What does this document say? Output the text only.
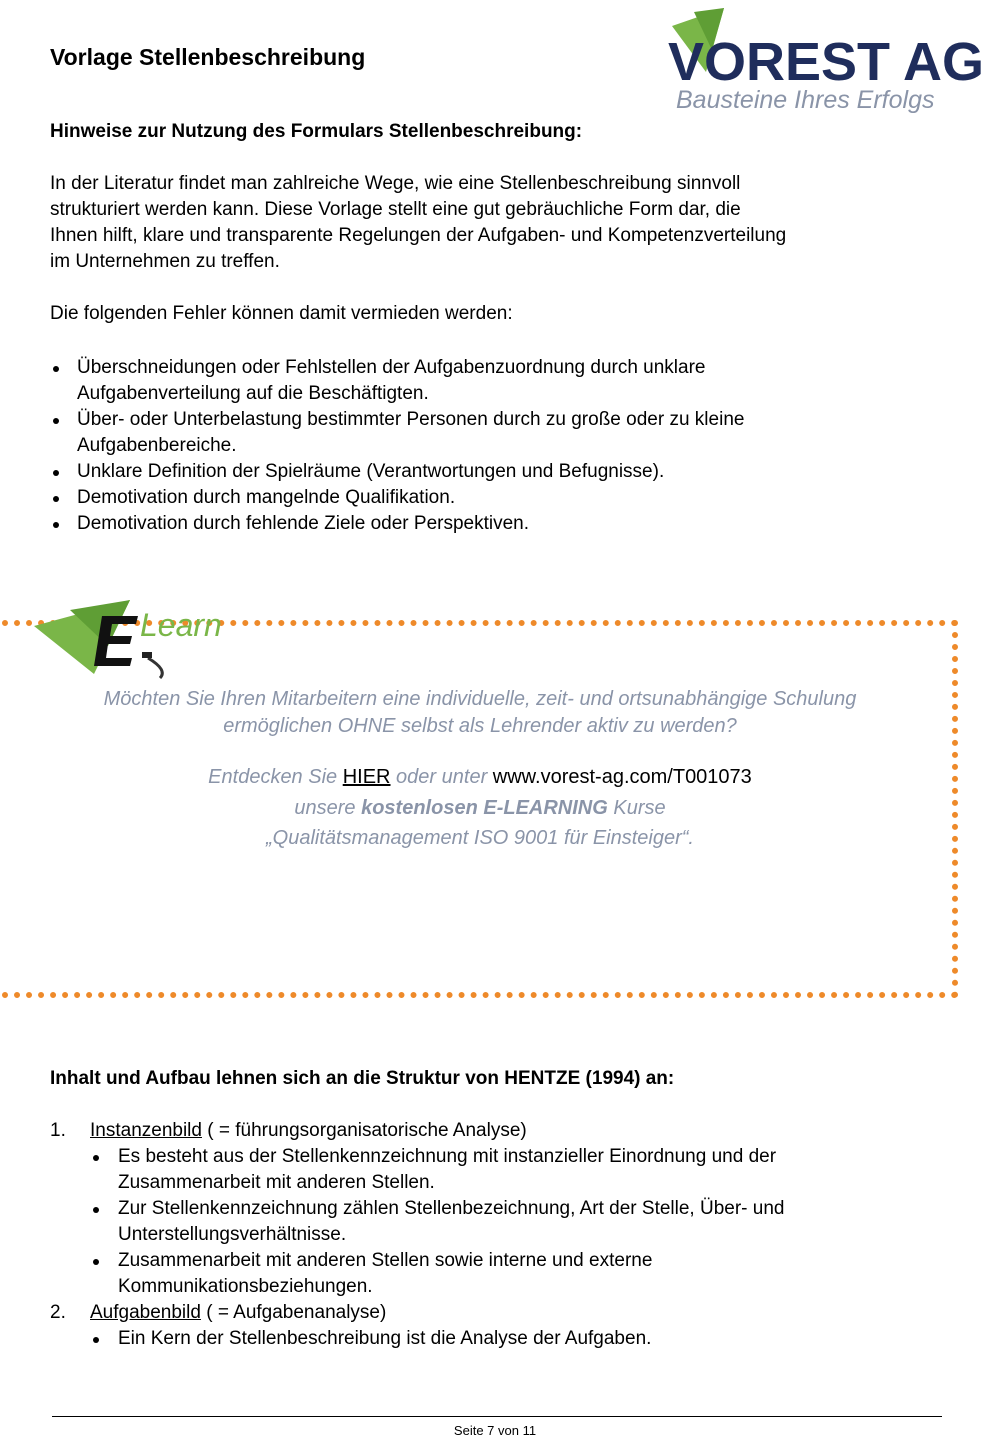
Vorlage Stellenbeschreibung	VOREST AG
Bausteine Ihres Erfolgs
Hinweise zur Nutzung des Formulars Stellenbeschreibung:
In der Literatur findet man zahlreiche Wege, wie eine Stellenbeschreibung sinnvoll
strukturiert werden kann. Diese Vorlage stellt eine gut gebräuchliche Form dar, die
Ihnen hilft, klare und transparente Regelungen der Aufgaben- und Kompetenzverteilung
im Unternehmen zu treffen.
Die folgenden Fehler können damit vermieden werden:
Überschneidungen oder Fehlstellen der Aufgabenzuordnung durch unklare
Aufgabenverteilung auf die Beschäftigten.
Über- oder Unterbelastung bestimmter Personen durch zu große oder zu kleine
Aufgabenbereiche.
Unklare Definition der Spielräume (Verantwortungen und Befugnisse).
Demotivation durch mangelnde Qualifikation.
Demotivation durch fehlende Ziele oder Perspektiven.
Learn
Möchten Sie Ihren Mitarbeitern eine individuelle, zeit- und ortsunabhängige Schulung
ermöglichen OHNE selbst als Lehrender aktiv zu werden?
Entdecken Sie HIER oder unter www.vorest-ag.com/T001073
unsere kostenlosen E-LEARNING Kurse
„Qualitätsmanagement ISO 9001 für Einsteiger“.
Inhalt und Aufbau lehnen sich an die Struktur von HENTZE (1994) an:
1. Instanzenbild ( = führungsorganisatorische Analyse)
Es besteht aus der Stellenkennzeichnung mit instanzieller Einordnung und der
Zusammenarbeit mit anderen Stellen.
Zur Stellenkennzeichnung zählen Stellenbezeichnung, Art der Stelle, Über- und
Unterstellungsverhältnisse.
Zusammenarbeit mit anderen Stellen sowie interne und externe
Kommunikationsbeziehungen.
2. Aufgabenbild ( = Aufgabenanalyse)
Ein Kern der Stellenbeschreibung ist die Analyse der Aufgaben.
Seite 7 von 11
